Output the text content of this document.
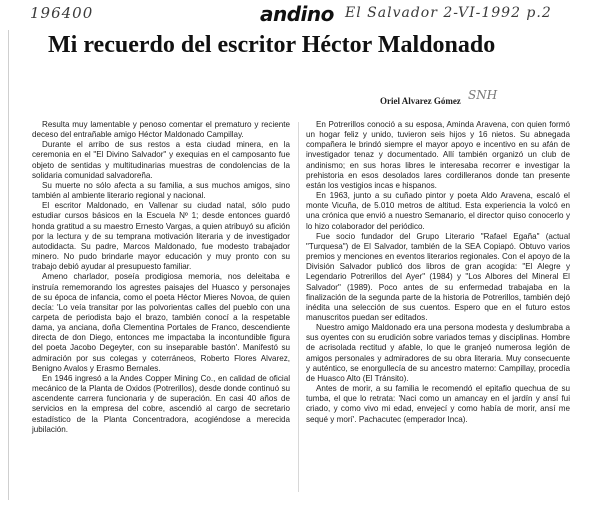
196400	andino El Salvador 2-VI-1992 p.2
Mi recuerdo del escritor Héctor Maldonado
Oriel Alvarez Gómez SNH

Resulta muy lamentable y penoso comentar el prematuro y reciente deceso del entrañable amigo Héctor Maldonado Campillay.

Durante el arribo de sus restos a esta ciudad minera, en la ceremonia en el "El Divino Salvador" y exequias en el camposanto fue objeto de sentidas y multitudinarias muestras de condolencias de la solidaria comunidad salvadoreña.

Su muerte no sólo afecta a su familia, a sus muchos amigos, sino también al ambiente literario regional y nacional.

El escritor Maldonado, en Vallenar su ciudad natal, sólo pudo estudiar cursos básicos en la Escuela Nº 1; desde entonces guardó honda gratitud a su maestro Ernesto Vargas, a quien atribuyó su afición por la lectura y de su temprana motivación literaria y de investigador autodidacta. Su padre, Marcos Maldonado, fue modesto trabajador minero. No pudo brindarle mayor educación y muy pronto con su trabajo debió ayudar al presupuesto familiar.

Ameno charlador, poseía prodigiosa memoria, nos deleitaba e instruía rememorando los agrestes paisajes del Huasco y personajes de su época de infancia, como el poeta Héctor Mieres Novoa, de quien decía: 'Lo veía transitar por las polvorientas calles del pueblo con una carpeta de periodista bajo el brazo, también conocí a la respetable dama, ya anciana, doña Clementina Portales de Franco, descendiente directa de don Diego, entonces me impactaba la incontundible figura del poeta Jacobo Degeyter, con su inseparable bastón'. Manifestó su admiración por sus colegas y coterráneos, Roberto Flores Alvarez, Benigno Avalos y Erasmo Bernales.

En 1946 ingresó a la Andes Copper Mining Co., en calidad de oficial mecánico de la Planta de Oxidos (Potrerillos), desde donde continuó su ascendente carrera funcionaria y de superación. En casi 40 años de servicios en la empresa del cobre, ascendió al cargo de secretario estadístico de la Planta Concentradora, acogiéndose a merecida jubilación.

En Potrerillos conoció a su esposa, Aminda Aravena, con quien formó un hogar feliz y unido, tuvieron seis hijos y 16 nietos. Su abnegada compañera le brindó siempre el mayor apoyo e incentivo en su afán de investigador tenaz y documentado. Allí también organizó un club de andinismo; en sus horas libres le interesaba recorrer e investigar la prehistoria en esos desolados lares cordilleranos donde tan presente están los vestigios incas e hispanos.

En 1963, junto a su cuñado pintor y poeta Aldo Aravena, escaló el monte Vicuña, de 5.010 metros de altitud. Esta experiencia la volcó en una crónica que envió a nuestro Semanario, el director quiso conocerlo y lo hizo colaborador del periódico.

Fue socio fundador del Grupo Literario "Rafael Egaña" (actual "Turquesa") de El Salvador, también de la SEA Copiapó. Obtuvo varios premios y menciones en eventos literarios regionales. Con el apoyo de la División Salvador publicó dos libros de gran acogida: "El Alegre y Legendario Potrerillos del Ayer" (1984) y "Los Albores del Mineral El Salvador" (1989). Poco antes de su enfermedad trabajaba en la finalización de la segunda parte de la historia de Potrerillos, también dejó inédita una selección de sus cuentos. Espero que en el futuro estos manuscritos puedan ser editados.

Nuestro amigo Maldonado era una persona modesta y deslumbraba a sus oyentes con su erudición sobre variados temas y disciplinas. Hombre de acrisolada rectitud y afable, lo que le granjeó numerosa legión de amigos personales y admiradores de su obra literaria. Muy consecuente y auténtico, se enorgullecía de su ancestro materno: Campillay, procedía de Huasco Alto (El Tránsito).

Antes de morir, a su familia le recomendó el epitafio quechua de su tumba, el que lo retrata: 'Naci como un amancay en el jardín y ansí fui criado, y como vivo mi edad, envejecí y como había de morir, ansí me sequé y morí'. Pachacutec (emperador Inca).
